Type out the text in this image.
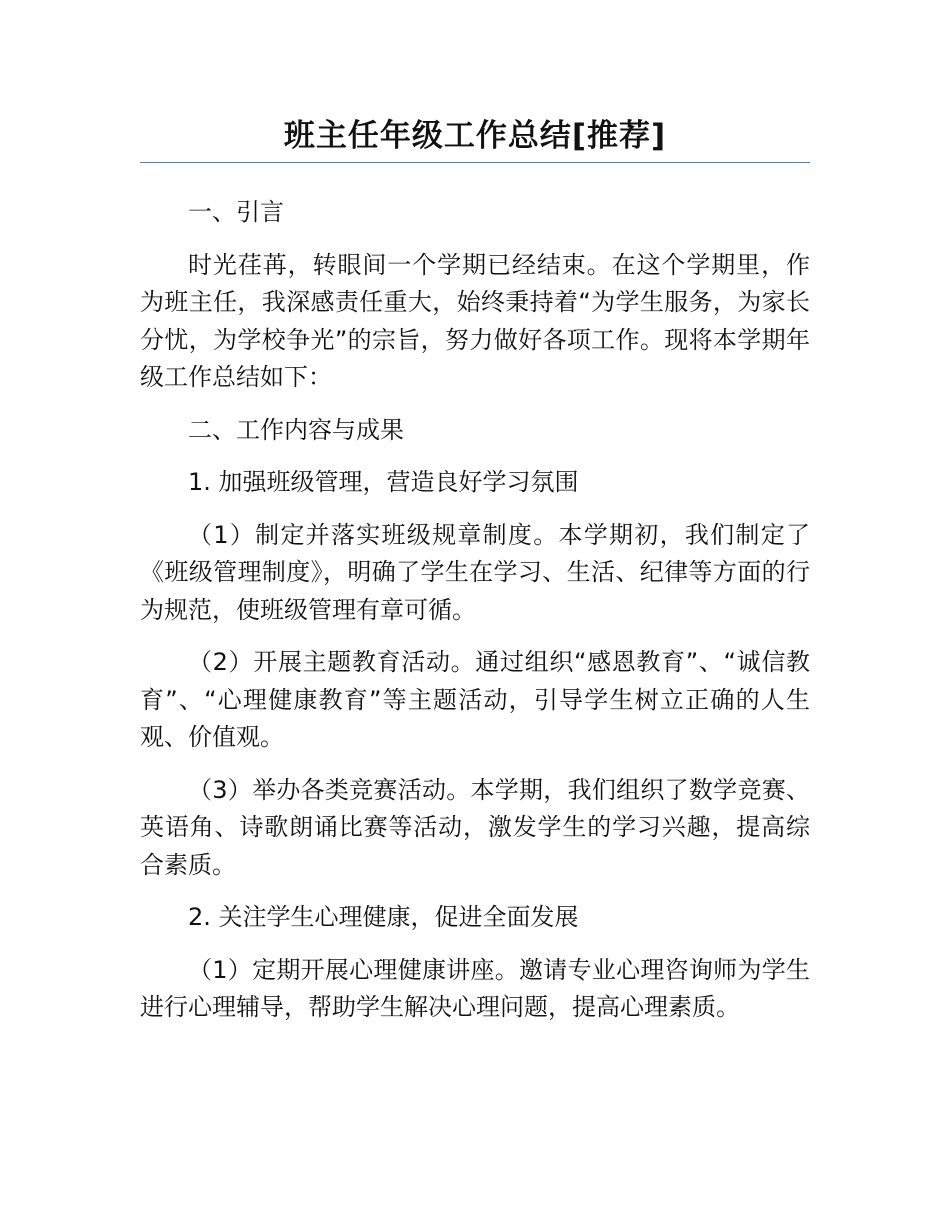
班主任年级工作总结[推荐]

一、引言

时光荏苒，转眼间一个学期已经结束。在这个学期里，作为班主任，我深感责任重大，始终秉持着“为学生服务，为家长分忧，为学校争光”的宗旨，努力做好各项工作。现将本学期年级工作总结如下：

二、工作内容与成果

1. 加强班级管理，营造良好学习氛围

（1）制定并落实班级规章制度。本学期初，我们制定了《班级管理制度》，明确了学生在学习、生活、纪律等方面的行为规范，使班级管理有章可循。

（2）开展主题教育活动。通过组织“感恩教育”、“诚信教育”、“心理健康教育”等主题活动，引导学生树立正确的人生观、价值观。

（3）举办各类竞赛活动。本学期，我们组织了数学竞赛、英语角、诗歌朗诵比赛等活动，激发学生的学习兴趣，提高综合素质。

2. 关注学生心理健康，促进全面发展

（1）定期开展心理健康讲座。邀请专业心理咨询师为学生进行心理辅导，帮助学生解决心理问题，提高心理素质。
